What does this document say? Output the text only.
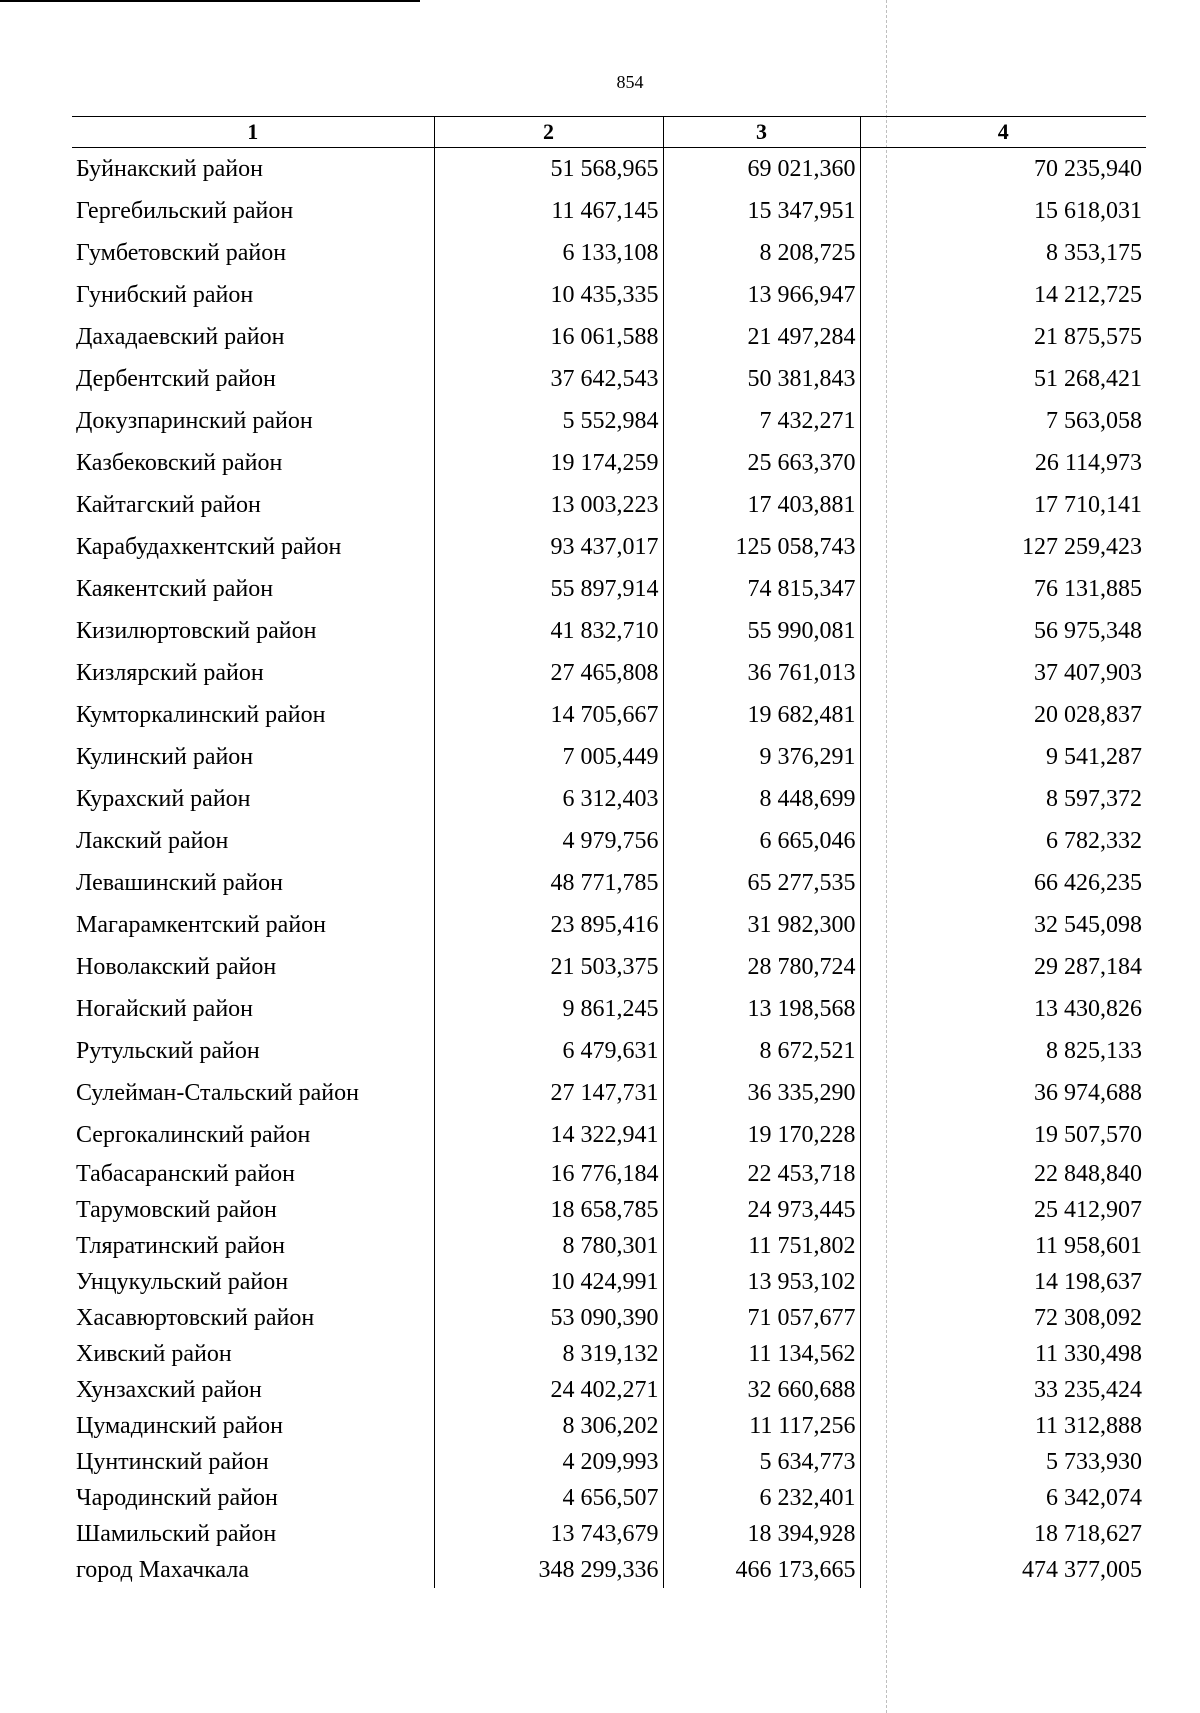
854
1	2	3	4
Буйнакский район	51 568,965	69 021,360	70 235,940
Гергебильский район	11 467,145	15 347,951	15 618,031
Гумбетовский район	6 133,108	8 208,725	8 353,175
Гунибский район	10 435,335	13 966,947	14 212,725
Дахадаевский район	16 061,588	21 497,284	21 875,575
Дербентский район	37 642,543	50 381,843	51 268,421
Докузпаринский район	5 552,984	7 432,271	7 563,058
Казбековский район	19 174,259	25 663,370	26 114,973
Кайтагский район	13 003,223	17 403,881	17 710,141
Карабудахкентский район	93 437,017	125 058,743	127 259,423
Каякентский район	55 897,914	74 815,347	76 131,885
Кизилюртовский район	41 832,710	55 990,081	56 975,348
Кизлярский район	27 465,808	36 761,013	37 407,903
Кумторкалинский район	14 705,667	19 682,481	20 028,837
Кулинский район	7 005,449	9 376,291	9 541,287
Курахский район	6 312,403	8 448,699	8 597,372
Лакский район	4 979,756	6 665,046	6 782,332
Левашинский район	48 771,785	65 277,535	66 426,235
Магарамкентский район	23 895,416	31 982,300	32 545,098
Новолакский район	21 503,375	28 780,724	29 287,184
Ногайский район	9 861,245	13 198,568	13 430,826
Рутульский район	6 479,631	8 672,521	8 825,133
Сулейман-Стальский район	27 147,731	36 335,290	36 974,688
Сергокалинский район	14 322,941	19 170,228	19 507,570
Табасаранский район	16 776,184	22 453,718	22 848,840
Тарумовский район	18 658,785	24 973,445	25 412,907
Тляратинский район	8 780,301	11 751,802	11 958,601
Унцукульский район	10 424,991	13 953,102	14 198,637
Хасавюртовский район	53 090,390	71 057,677	72 308,092
Хивский район	8 319,132	11 134,562	11 330,498
Хунзахский район	24 402,271	32 660,688	33 235,424
Цумадинский район	8 306,202	11 117,256	11 312,888
Цунтинский район	4 209,993	5 634,773	5 733,930
Чародинский район	4 656,507	6 232,401	6 342,074
Шамильский район	13 743,679	18 394,928	18 718,627
город Махачкала	348 299,336	466 173,665	474 377,005
